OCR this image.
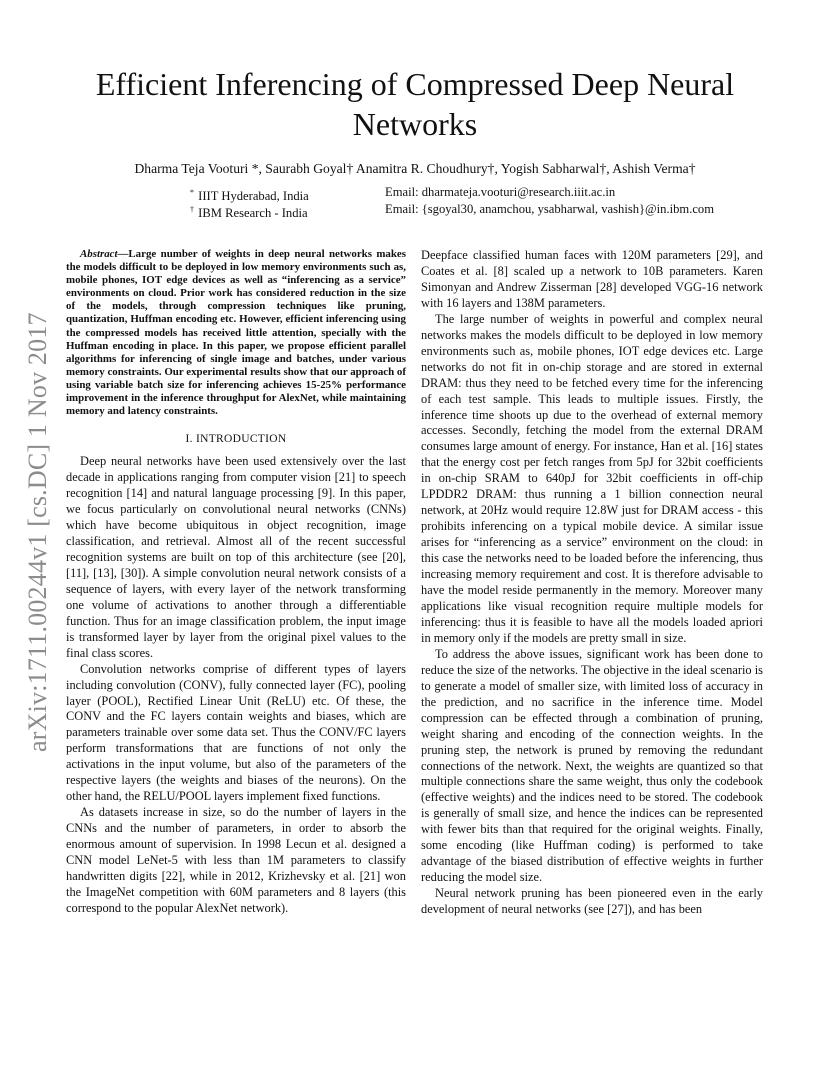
arXiv:1711.00244v1 [cs.DC] 1 Nov 2017
Efficient Inferencing of Compressed Deep Neural Networks
Dharma Teja Vooturi *, Saurabh Goyal† Anamitra R. Choudhury†, Yogish Sabharwal†, Ashish Verma†
* IIIT Hyderabad, India
† IBM Research - India
Email: dharmateja.vooturi@research.iiit.ac.in
Email: {sgoyal30, anamchou, ysabharwal, vashish}@in.ibm.com

Abstract—Large number of weights in deep neural networks makes the models difficult to be deployed in low memory environments such as, mobile phones, IOT edge devices as well as “inferencing as a service” environments on cloud. Prior work has considered reduction in the size of the models, through compression techniques like pruning, quantization, Huffman encoding etc. However, efficient inferencing using the compressed models has received little attention, specially with the Huffman encoding in place. In this paper, we propose efficient parallel algorithms for inferencing of single image and batches, under various memory constraints. Our experimental results show that our approach of using variable batch size for inferencing achieves 15-25% performance improvement in the inference throughput for AlexNet, while maintaining memory and latency constraints.

I. INTRODUCTION

Deep neural networks have been used extensively over the last decade in applications ranging from computer vision [21] to speech recognition [14] and natural language processing [9]. In this paper, we focus particularly on convolutional neural networks (CNNs) which have become ubiquitous in object recognition, image classification, and retrieval. Almost all of the recent successful recognition systems are built on top of this architecture (see [20], [11], [13], [30]). A simple convolution neural network consists of a sequence of layers, with every layer of the network transforming one volume of activations to another through a differentiable function. Thus for an image classification problem, the input image is transformed layer by layer from the original pixel values to the final class scores.

Convolution networks comprise of different types of layers including convolution (CONV), fully connected layer (FC), pooling layer (POOL), Rectified Linear Unit (ReLU) etc. Of these, the CONV and the FC layers contain weights and biases, which are parameters trainable over some data set. Thus the CONV/FC layers perform transformations that are functions of not only the activations in the input volume, but also of the parameters of the respective layers (the weights and biases of the neurons). On the other hand, the RELU/POOL layers implement fixed functions.

As datasets increase in size, so do the number of layers in the CNNs and the number of parameters, in order to absorb the enormous amount of supervision. In 1998 Lecun et al. designed a CNN model LeNet-5 with less than 1M parameters to classify handwritten digits [22], while in 2012, Krizhevsky et al. [21] won the ImageNet competition with 60M parameters and 8 layers (this correspond to the popular AlexNet network).

Deepface classified human faces with 120M parameters [29], and Coates et al. [8] scaled up a network to 10B parameters. Karen Simonyan and Andrew Zisserman [28] developed VGG-16 network with 16 layers and 138M parameters.

The large number of weights in powerful and complex neural networks makes the models difficult to be deployed in low memory environments such as, mobile phones, IOT edge devices etc. Large networks do not fit in on-chip storage and are stored in external DRAM: thus they need to be fetched every time for the inferencing of each test sample. This leads to multiple issues. Firstly, the inference time shoots up due to the overhead of external memory accesses. Secondly, fetching the model from the external DRAM consumes large amount of energy. For instance, Han et al. [16] states that the energy cost per fetch ranges from 5pJ for 32bit coefficients in on-chip SRAM to 640pJ for 32bit coefficients in off-chip LPDDR2 DRAM: thus running a 1 billion connection neural network, at 20Hz would require 12.8W just for DRAM access - this prohibits inferencing on a typical mobile device. A similar issue arises for “inferencing as a service” environment on the cloud: in this case the networks need to be loaded before the inferencing, thus increasing memory requirement and cost. It is therefore advisable to have the model reside permanently in the memory. Moreover many applications like visual recognition require multiple models for inferencing: thus it is feasible to have all the models loaded apriori in memory only if the models are pretty small in size.

To address the above issues, significant work has been done to reduce the size of the networks. The objective in the ideal scenario is to generate a model of smaller size, with limited loss of accuracy in the prediction, and no sacrifice in the inference time. Model compression can be effected through a combination of pruning, weight sharing and encoding of the connection weights. In the pruning step, the network is pruned by removing the redundant connections of the network. Next, the weights are quantized so that multiple connections share the same weight, thus only the codebook (effective weights) and the indices need to be stored. The codebook is generally of small size, and hence the indices can be represented with fewer bits than that required for the original weights. Finally, some encoding (like Huffman coding) is performed to take advantage of the biased distribution of effective weights in further reducing the model size.

Neural network pruning has been pioneered even in the early development of neural networks (see [27]), and has been
